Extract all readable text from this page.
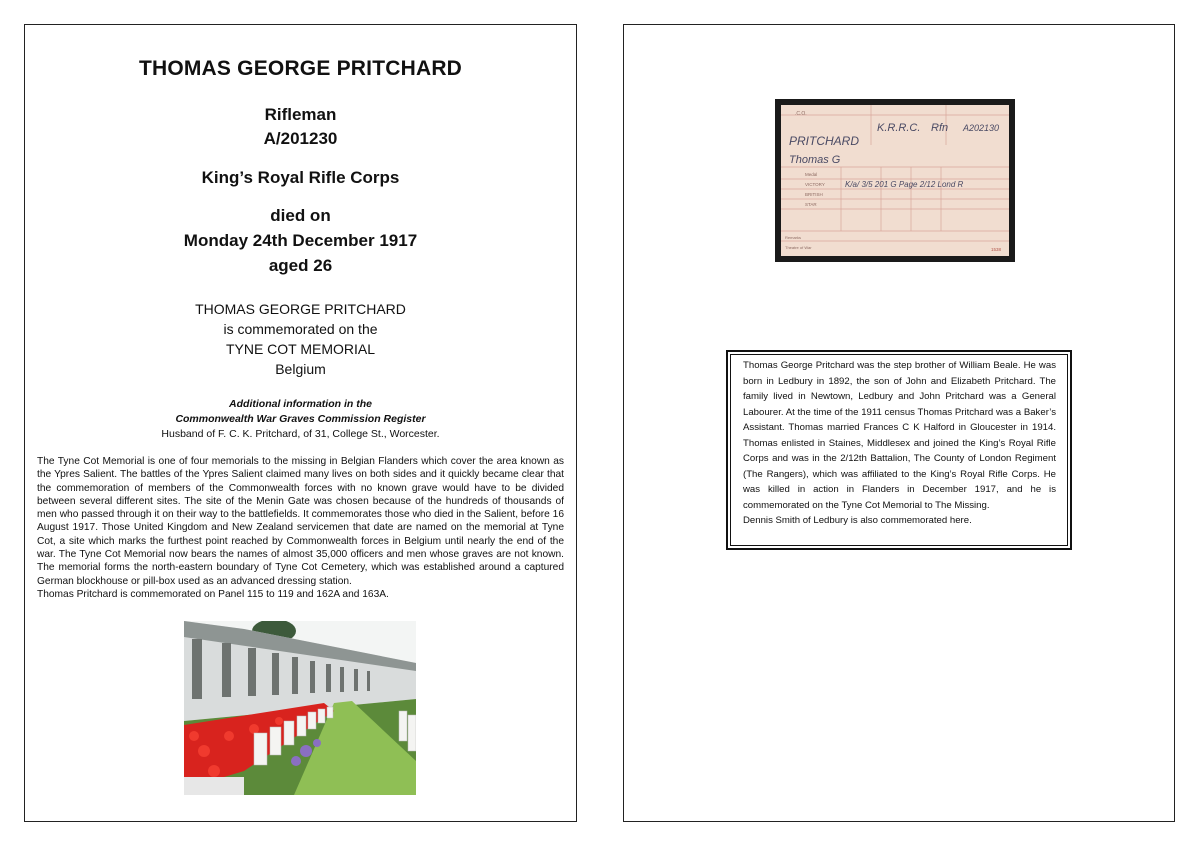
THOMAS GEORGE PRITCHARD
Rifleman
A/201230
King’s Royal Rifle Corps
died on
Monday 24th December 1917
aged 26
THOMAS GEORGE PRITCHARD
is commemorated on the
TYNE COT MEMORIAL
Belgium
Additional information in the
Commonwealth War Graves Commission Register
Husband of F. C. K. Pritchard, of 31, College St., Worcester.

The Tyne Cot Memorial is one of four memorials to the missing in Belgian Flanders which cover the area known as the Ypres Salient. The battles of the Ypres Salient claimed many lives on both sides and it quickly became clear that the commemoration of members of the Commonwealth forces with no known grave would have to be divided between several different sites. The site of the Menin Gate was chosen because of the hundreds of thousands of men who passed through it on their way to the battlefields. It commemorates those who died in the Salient, before 16 August 1917. Those United Kingdom and New Zealand servicemen that date are named on the memorial at Tyne Cot, a site which marks the furthest point reached by Commonwealth forces in Belgium until nearly the end of the war. The Tyne Cot Memorial now bears the names of almost 35,000 officers and men whose graves are not known. The memorial forms the north-eastern boundary of Tyne Cot Cemetery, which was established around a captured German blockhouse or pill-box used as an advanced dressing station.

Thomas Pritchard is commemorated on Panel 115 to 119 and 162A and 163A.

.C.O.
PRITCHARD
Thomas G
K.R.R.C. Rfn A202130
Medal
VICTORY
BRITISH
STAR
K/a/ 3/5 201 G Page 2/12 Lond R
Remarks
Theatre of War	1538

Thomas George Pritchard was the step brother of William Beale. He was born in Ledbury in 1892, the son of John and Elizabeth Pritchard. The family lived in Newtown, Ledbury and John Pritchard was a General Labourer. At the time of the 1911 census Thomas Pritchard was a Baker’s Assistant. Thomas married Frances C K Halford in Gloucester in 1914. Thomas enlisted in Staines, Middlesex and joined the King’s Royal Rifle Corps and was in the 2/12th Battalion, The County of London Regiment (The Rangers), which was affiliated to the King’s Royal Rifle Corps. He was killed in action in Flanders in December 1917, and he is commemorated on the Tyne Cot Memorial to The Missing.

Dennis Smith of Ledbury is also commemorated here.
